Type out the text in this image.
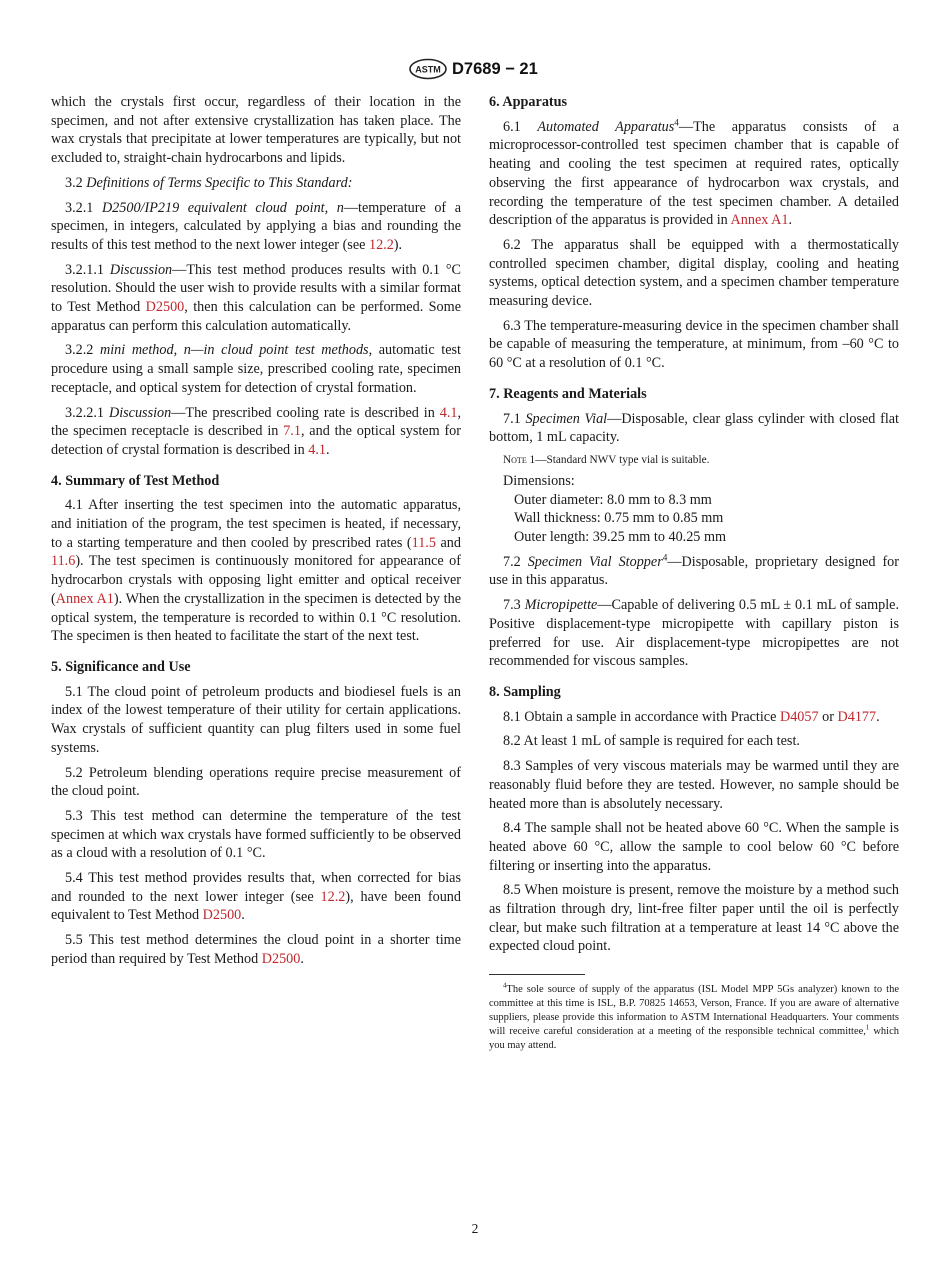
ASTM D7689 − 21

which the crystals first occur, regardless of their location in the specimen, and not after extensive crystallization has taken place. The wax crystals that precipitate at lower temperatures are typically, but not excluded to, straight-chain hydrocarbons and lipids.

3.2 Definitions of Terms Specific to This Standard:

3.2.1 D2500/IP219 equivalent cloud point, n—temperature of a specimen, in integers, calculated by applying a bias and rounding the results of this test method to the next lower integer (see 12.2).

3.2.1.1 Discussion—This test method produces results with 0.1 °C resolution. Should the user wish to provide results with a similar format to Test Method D2500, then this calculation can be performed. Some apparatus can perform this calculation automatically.

3.2.2 mini method, n—in cloud point test methods, automatic test procedure using a small sample size, prescribed cooling rate, specimen receptacle, and optical system for detection of crystal formation.

3.2.2.1 Discussion—The prescribed cooling rate is described in 4.1, the specimen receptacle is described in 7.1, and the optical system for detection of crystal formation is described in 4.1.

4. Summary of Test Method

4.1 After inserting the test specimen into the automatic apparatus, and initiation of the program, the test specimen is heated, if necessary, to a starting temperature and then cooled by prescribed rates (11.5 and 11.6). The test specimen is continuously monitored for appearance of hydrocarbon crystals with opposing light emitter and optical receiver (Annex A1). When the crystallization in the specimen is detected by the optical system, the temperature is recorded to within 0.1 °C resolution. The specimen is then heated to facilitate the start of the next test.

5. Significance and Use

5.1 The cloud point of petroleum products and biodiesel fuels is an index of the lowest temperature of their utility for certain applications. Wax crystals of sufficient quantity can plug filters used in some fuel systems.

5.2 Petroleum blending operations require precise measurement of the cloud point.

5.3 This test method can determine the temperature of the test specimen at which wax crystals have formed sufficiently to be observed as a cloud with a resolution of 0.1 °C.

5.4 This test method provides results that, when corrected for bias and rounded to the next lower integer (see 12.2), have been found equivalent to Test Method D2500.

5.5 This test method determines the cloud point in a shorter time period than required by Test Method D2500.

6. Apparatus

6.1 Automated Apparatus$^4$—The apparatus consists of a microprocessor-controlled test specimen chamber that is capable of heating and cooling the test specimen at required rates, optically observing the first appearance of hydrocarbon wax crystals, and recording the temperature of the test specimen chamber. A detailed description of the apparatus is provided in Annex A1.

6.2 The apparatus shall be equipped with a thermostatically controlled specimen chamber, digital display, cooling and heating systems, optical detection system, and a specimen chamber temperature measuring device.

6.3 The temperature-measuring device in the specimen chamber shall be capable of measuring the temperature, at minimum, from –60 °C to 60 °C at a resolution of 0.1 °C.

7. Reagents and Materials

7.1 Specimen Vial—Disposable, clear glass cylinder with closed flat bottom, 1 mL capacity.

Note 1—Standard NWV type vial is suitable.

Dimensions:
Outer diameter: 8.0 mm to 8.3 mm
Wall thickness: 0.75 mm to 0.85 mm
Outer length: 39.25 mm to 40.25 mm

7.2 Specimen Vial Stopper$^4$—Disposable, proprietary designed for use in this apparatus.

7.3 Micropipette—Capable of delivering 0.5 mL ± 0.1 mL of sample. Positive displacement-type micropipette with capillary piston is preferred for use. Air displacement-type micropipettes are not recommended for viscous samples.

8. Sampling

8.1 Obtain a sample in accordance with Practice D4057 or D4177.

8.2 At least 1 mL of sample is required for each test.

8.3 Samples of very viscous materials may be warmed until they are reasonably fluid before they are tested. However, no sample should be heated more than is absolutely necessary.

8.4 The sample shall not be heated above 60 °C. When the sample is heated above 60 °C, allow the sample to cool below 60 °C before filtering or inserting into the apparatus.

8.5 When moisture is present, remove the moisture by a method such as filtration through dry, lint-free filter paper until the oil is perfectly clear, but make such filtration at a temperature at least 14 °C above the expected cloud point.

$^4$The sole source of supply of the apparatus (ISL Model MPP 5Gs analyzer) known to the committee at this time is ISL, B.P. 70825 14653, Verson, France. If you are aware of alternative suppliers, please provide this information to ASTM International Headquarters. Your comments will receive careful consideration at a meeting of the responsible technical committee,$^1$ which you may attend.

2
